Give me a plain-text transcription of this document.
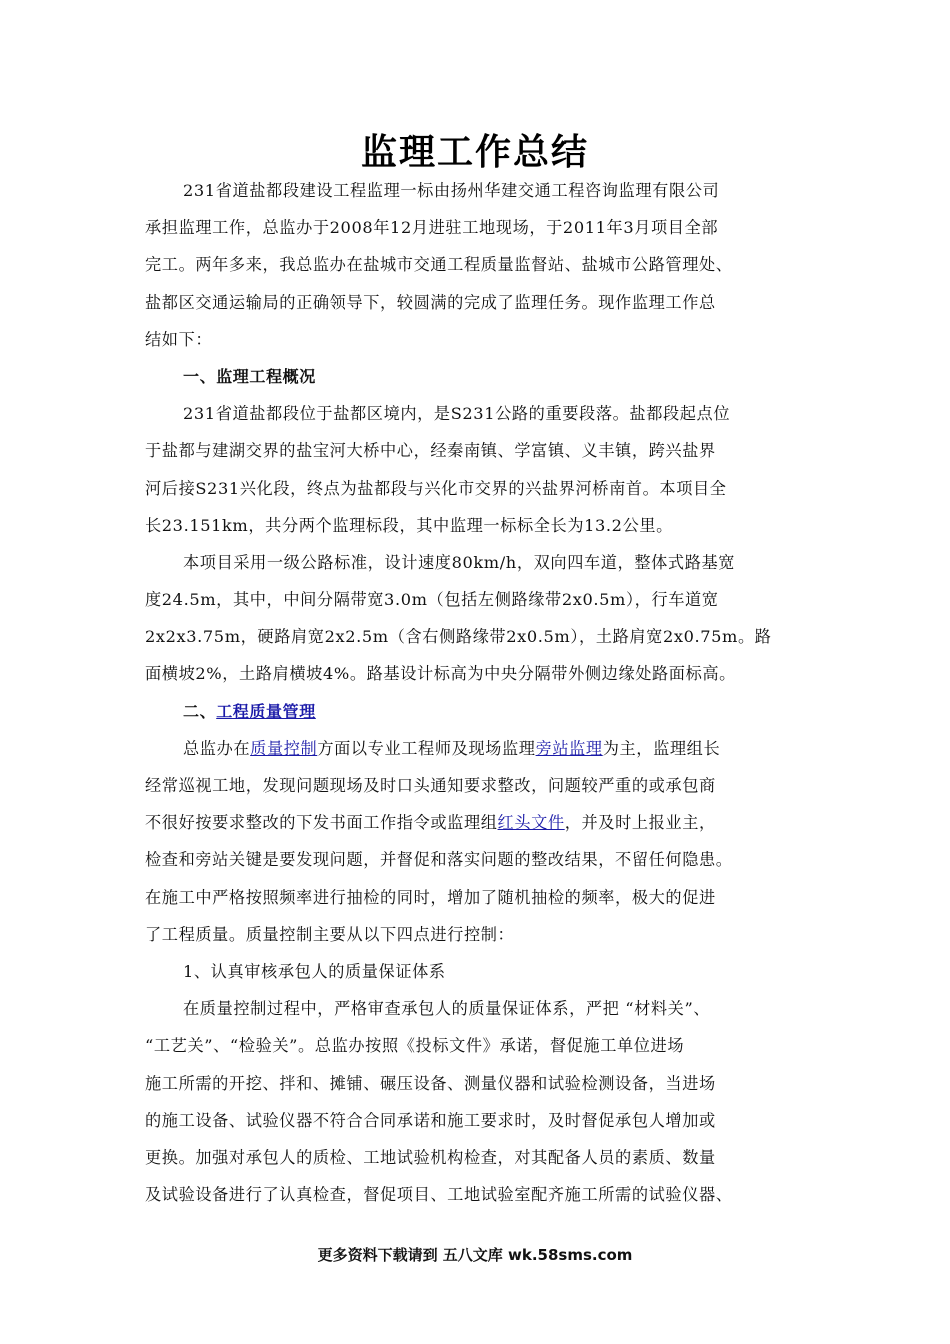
监理工作总结
231省道盐都段建设工程监理一标由扬州华建交通工程咨询监理有限公司
承担监理工作，总监办于2008年12月进驻工地现场，于2011年3月项目全部
完工。两年多来，我总监办在盐城市交通工程质量监督站、盐城市公路管理处、
盐都区交通运输局的正确领导下，较圆满的完成了监理任务。现作监理工作总
结如下：
一、监理工程概况
231省道盐都段位于盐都区境内，是S231公路的重要段落。盐都段起点位
于盐都与建湖交界的盐宝河大桥中心，经秦南镇、学富镇、义丰镇，跨兴盐界
河后接S231兴化段，终点为盐都段与兴化市交界的兴盐界河桥南首。本项目全
长23.151km，共分两个监理标段，其中监理一标标全长为13.2公里。
本项目采用一级公路标准，设计速度80km/h，双向四车道，整体式路基宽
度24.5m，其中，中间分隔带宽3.0m（包括左侧路缘带2x0.5m），行车道宽
2x2x3.75m，硬路肩宽2x2.5m（含右侧路缘带2x0.5m），土路肩宽2x0.75m。路
面横坡2%，土路肩横坡4%。路基设计标高为中央分隔带外侧边缘处路面标高。
二、工程质量管理
总监办在质量控制方面以专业工程师及现场监理旁站监理为主，监理组长
经常巡视工地，发现问题现场及时口头通知要求整改，问题较严重的或承包商
不很好按要求整改的下发书面工作指令或监理组红头文件，并及时上报业主，
检查和旁站关键是要发现问题，并督促和落实问题的整改结果，不留任何隐患。
在施工中严格按照频率进行抽检的同时，增加了随机抽检的频率，极大的促进
了工程质量。质量控制主要从以下四点进行控制：
1、认真审核承包人的质量保证体系
在质量控制过程中，严格审查承包人的质量保证体系，严把 “材料关”、
“工艺关”、“检验关”。总监办按照《投标文件》承诺，督促施工单位进场
施工所需的开挖、拌和、摊铺、碾压设备、测量仪器和试验检测设备，当进场
的施工设备、试验仪器不符合合同承诺和施工要求时，及时督促承包人增加或
更换。加强对承包人的质检、工地试验机构检查，对其配备人员的素质、数量
及试验设备进行了认真检查，督促项目、工地试验室配齐施工所需的试验仪器、
更多资料下载请到 五八文库 wk.58sms.com
